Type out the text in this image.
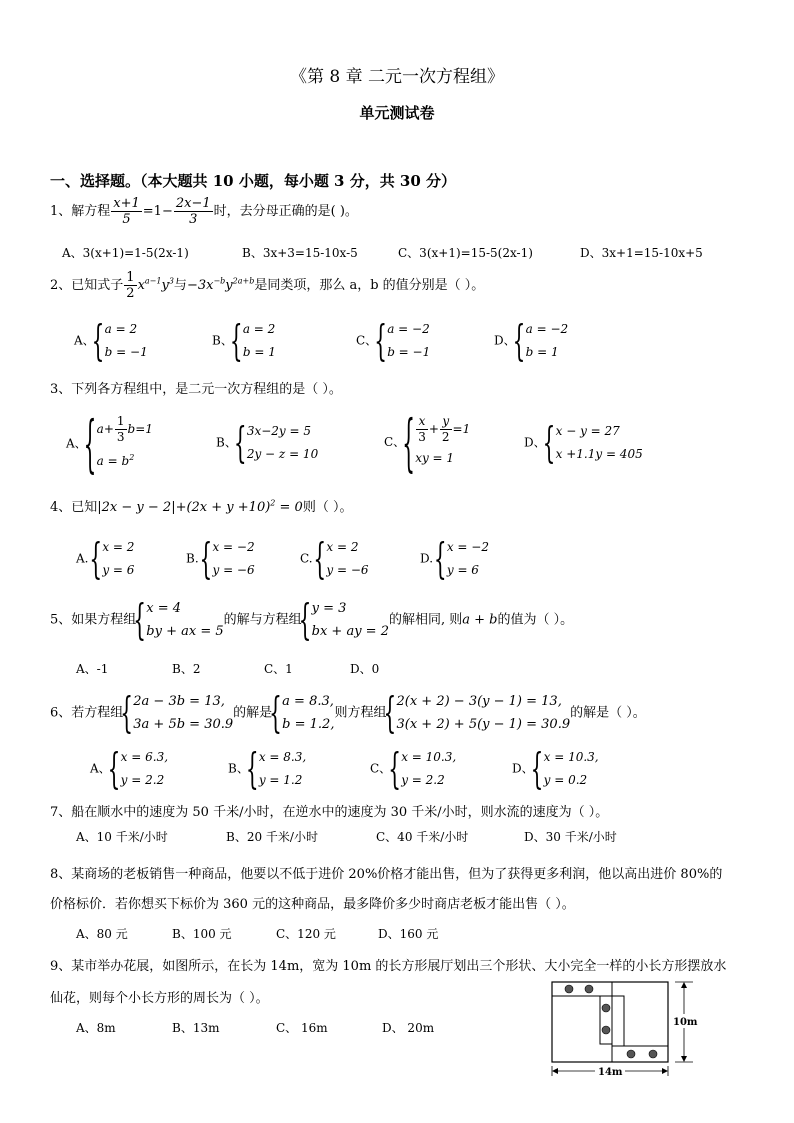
《第 8 章 二元一次方程组》
单元测试卷
一、选择题。（本大题共 10 小题，每小题 3 分，共 30 分）
1、解方程 $\frac{x+1}{5} =1- \frac{2x-1}{3}$ 时，去分母正确的是( )。
A、3(x+1)=1-5(2x-1)	B、3x+3=15-10x-5	C、3(x+1)=15-5(2x-1)	D、3x+1=15-10x+5
2、已知式子 $\frac{1}{2} x^{a-1}y^3$与$-3x^{-b}y^{2a+b}$是同类项，那么 a，b 的值分别是（ ）。
A、
{ a = 2
b = −1
B、
{ a = 2
b = 1
C、
{ a = −2
b = −1
D、
{ a = −2
b = 1
3、下列各方程组中，是二元一次方程组的是（ ）。
A、
{ $a+ \frac{1}{3} b=1$
$a = b^2$
B、
{ 3x−2y = 5
2y − z = 10
C、
{ $\frac{x}{3} + \frac{y}{2} =1$
xy = 1
D、
{ x − y = 27
x +1.1y = 405
4、已知$|2x - y - 2|+(2x + y +10)^2 = 0$则（ ）。
A.
{ x = 2
y = 6
B.
{ x = −2
y = −6
C.
{ x = 2
y = −6
D.
{ x = −2
y = 6
5、如果方程组
{ x = 4
by + ax = 5
的解与方程组
{ y = 3
bx + ay = 2
的解相同, 则a + b的值为（ ）。
A、-1	B、2	C、1	D、0
6、若方程组
{ 2a − 3b = 13,
3a + 5b = 30.9
的解是
{ a = 8.3,
b = 1.2,
则方程组
{ 2(x + 2) − 3(y − 1) = 13,
3(x + 2) + 5(y − 1) = 30.9
的解是（ ）。
A、
{ x = 6.3,
y = 2.2
B、
{ x = 8.3,
y = 1.2
C、
{ x = 10.3,
y = 2.2
D、
{ x = 10.3,
y = 0.2
7、船在顺水中的速度为 50 千米/小时，在逆水中的速度为 30 千米/小时，则水流的速度为（ ）。
A、10 千米/小时	B、20 千米/小时	C、40 千米/小时	D、30 千米/小时
8、某商场的老板销售一种商品，他要以不低于进价 20%价格才能出售，但为了获得更多利润，他以高出进价 80%的
价格标价．若你想买下标价为 360 元的这种商品，最多降价多少时商店老板才能出售（ ）。
A、80 元	B、100 元	C、120 元	D、160 元
9、某市举办花展，如图所示，在长为 14m，宽为 10m 的长方形展厅划出三个形状、大小完全一样的小长方形摆放水
仙花，则每个小长方形的周长为（ ）。
A、8m	B、13m	C、 16m	D、 20m	10m
14m
